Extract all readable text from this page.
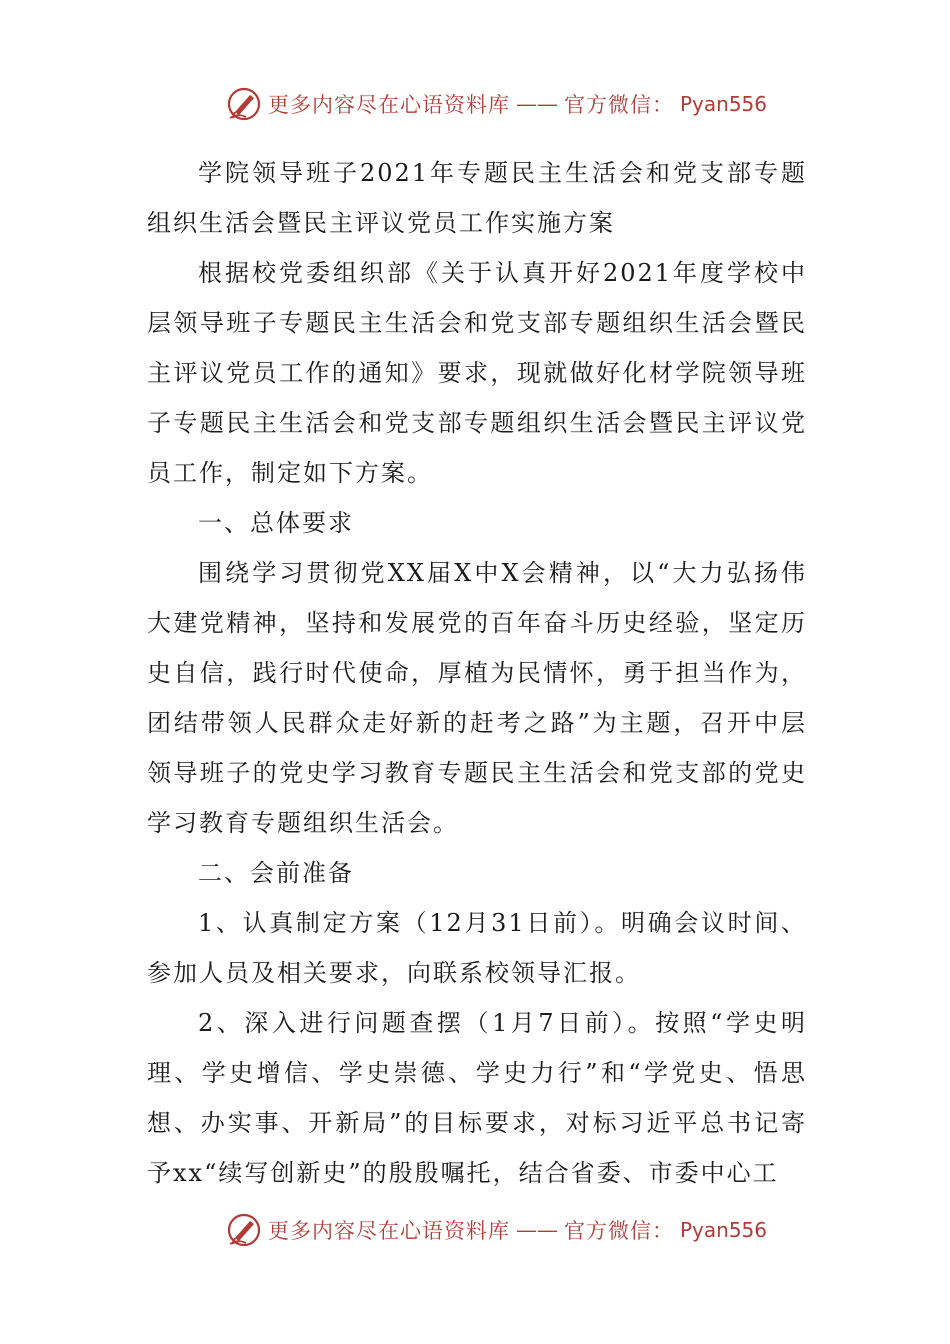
更多内容尽在心语资料库 —— 官方微信： Pyan556

学院领导班子2021年专题民主生活会和党支部专题组织生活会暨民主评议党员工作实施方案

根据校党委组织部《关于认真开好2021年度学校中层领导班子专题民主生活会和党支部专题组织生活会暨民主评议党员工作的通知》要求，现就做好化材学院领导班子专题民主生活会和党支部专题组织生活会暨民主评议党员工作，制定如下方案。

一、总体要求

围绕学习贯彻党XX届X中X会精神，以“大力弘扬伟大建党精神，坚持和发展党的百年奋斗历史经验，坚定历史自信，践行时代使命，厚植为民情怀，勇于担当作为，团结带领人民群众走好新的赶考之路”为主题，召开中层领导班子的党史学习教育专题民主生活会和党支部的党史学习教育专题组织生活会。

二、会前准备

1、认真制定方案（12月31日前）。明确会议时间、参加人员及相关要求，向联系校领导汇报。

2、深入进行问题查摆（1月7日前）。按照“学史明理、学史增信、学史崇德、学史力行”和“学党史、悟思想、办实事、开新局”的目标要求，对标习近平总书记寄予xx“续写创新史”的殷殷嘱托，结合省委、市委中心工

更多内容尽在心语资料库 —— 官方微信： Pyan556
